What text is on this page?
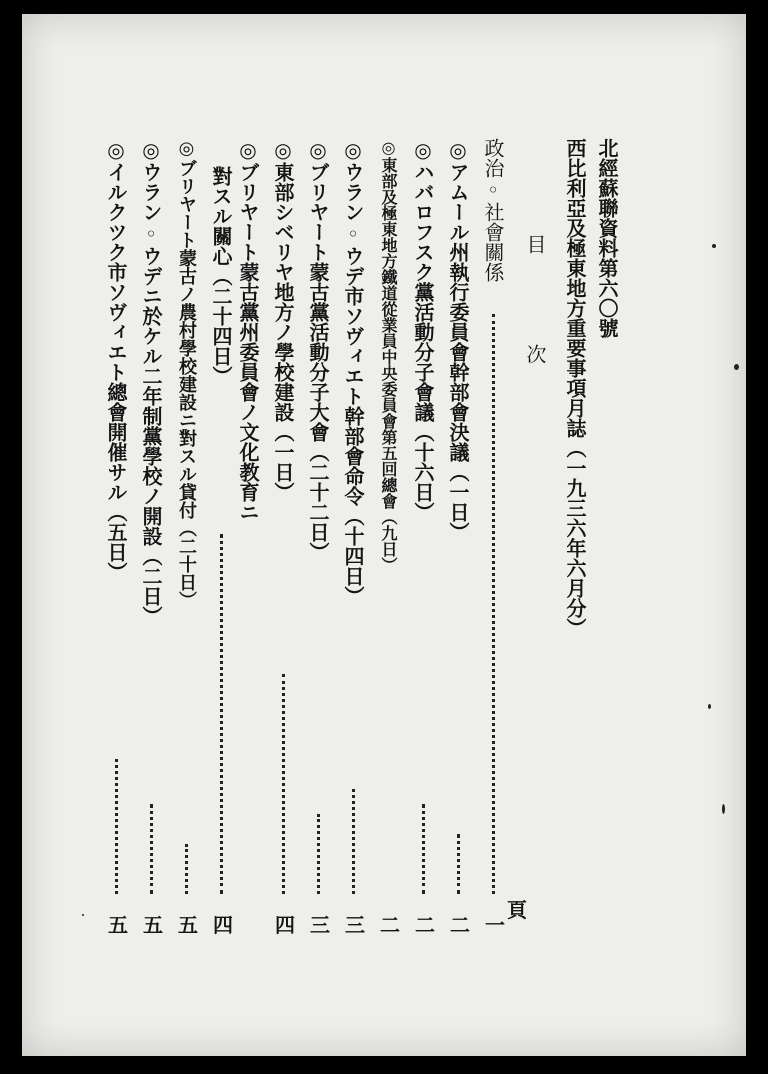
北經蘇聯資料第六〇號
西比利亞及極東地方重要事項月誌（一九三六年六月分）
目
次
頁
政治◦社會關係
一
◎アムール州執行委員會幹部會決議（一日）
二
◎ハバロフスク黨活動分子會議（十六日）
二
◎東部及極東地方鐵道從業員中央委員會第五回總會（九日）
二
◎ウラン◦ウデ市ソヴィエト幹部會命令（十四日）
三
◎ブリヤート蒙古黨活動分子大會（二十二日）
三
◎東部シベリヤ地方ノ學校建設（一日）
四
◎ブリヤート蒙古黨州委員會ノ文化教育ニ
對スル關心（二十四日）
四
◎ブリヤート蒙古ノ農村學校建設ニ對スル貸付（二十日）
五
◎ウラン◦ウデニ於ケル二年制黨學校ノ開設（二日）
五
◎イルクツク市ソヴィエト總會開催サル（五日）
五
